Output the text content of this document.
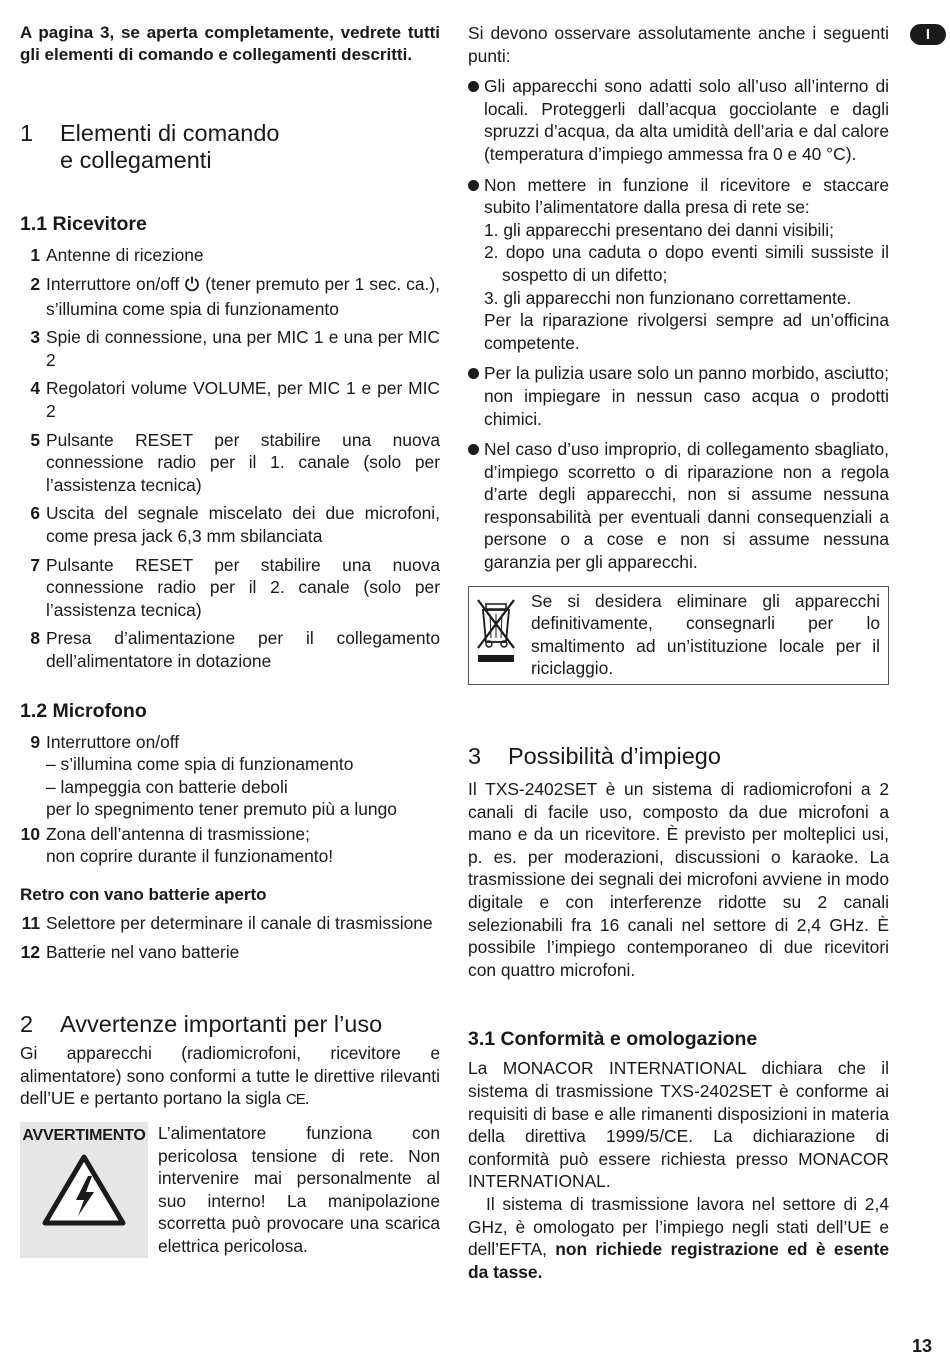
I

A pagina 3, se aperta completamente, vedrete tutti gli elementi di comando e collegamenti descritti.

1 Elementi di comando
e collegamenti
1.1 Ricevitore
1 Antenne di ricezione
2 Interruttore on/off (tener premuto per 1 sec. ca.), s’illumina come spia di funzionamento
3 Spie di connessione, una per MIC 1 e una per MIC 2
4 Regolatori volume VOLUME, per MIC 1 e per MIC 2
5 Pulsante RESET per stabilire una nuova connessione radio per il 1. canale (solo per l’assistenza tecnica)
6 Uscita del segnale miscelato dei due microfoni, come presa jack 6,3 mm sbilanciata
7 Pulsante RESET per stabilire una nuova connessione radio per il 2. canale (solo per l’assistenza tecnica)
8 Presa d’alimentazione per il collegamento dell’alimentatore in dotazione
1.2 Microfono
9 Interruttore on/off
– s’illumina come spia di funzionamento
– lampeggia con batterie deboli
per lo spegnimento tener premuto più a lungo
10 Zona dell’antenna di trasmissione;
non coprire durante il funzionamento!
Retro con vano batterie aperto
11 Selettore per determinare il canale di trasmissione
12 Batterie nel vano batterie
2 Avvertenze importanti per l’uso

Gi apparecchi (radiomicrofoni, ricevitore e alimentatore) sono conformi a tutte le direttive rilevanti dell’UE e pertanto portano la sigla CE.

AVVERTIMENTO L’alimentatore funziona con pericolosa tensione di rete. Non intervenire mai personalmente al suo interno! La manipolazione scorretta può provocare una scarica elettrica pericolosa.

Si devono osservare assolutamente anche i seguenti punti:

Gli apparecchi sono adatti solo all’uso all’interno di locali. Proteggerli dall’acqua gocciolante e dagli spruzzi d’acqua, da alta umidità dell’aria e dal calore (temperatura d’impiego ammessa fra 0 e 40 °C).
Non mettere in funzione il ricevitore e staccare subito l’alimentatore dalla presa di rete se:
1. gli apparecchi presentano dei danni visibili;
2. dopo una caduta o dopo eventi simili sussiste il sospetto di un difetto;
3. gli apparecchi non funzionano correttamente.
Per la riparazione rivolgersi sempre ad un’officina competente.
Per la pulizia usare solo un panno morbido, asciutto; non impiegare in nessun caso acqua o prodotti chimici.
Nel caso d’uso improprio, di collegamento sbagliato, d’impiego scorretto o di riparazione non a regola d’arte degli apparecchi, non si assume nessuna responsabilità per eventuali danni consequenziali a persone o a cose e non si assume nessuna garanzia per gli apparecchi.

Se si desidera eliminare gli apparecchi definitivamente, consegnarli per lo smaltimento ad un’istituzione locale per il riciclaggio.

3 Possibilità d’impiego

Il TXS-2402SET è un sistema di radiomicrofoni a 2 canali di facile uso, composto da due microfoni a mano e da un ricevitore. È previsto per molteplici usi, p. es. per moderazioni, discussioni o karaoke. La trasmissione dei segnali dei microfoni avviene in modo digitale e con interferenze ridotte su 2 canali selezionabili fra 16 canali nel settore di 2,4 GHz. È possibile l’impiego contemporaneo di due ricevitori con quattro microfoni.

3.1 Conformità e omologazione

La MONACOR INTERNATIONAL dichiara che il sistema di trasmissione TXS-2402SET è conforme ai requisiti di base e alle rimanenti disposizioni in materia della direttiva 1999/5/CE. La dichiarazione di conformità può essere richiesta presso MONACOR INTERNATIONAL.

Il sistema di trasmissione lavora nel settore di 2,4 GHz, è omologato per l’impiego negli stati dell’UE e dell’EFTA, non richiede registrazione ed è esente da tasse.

13
